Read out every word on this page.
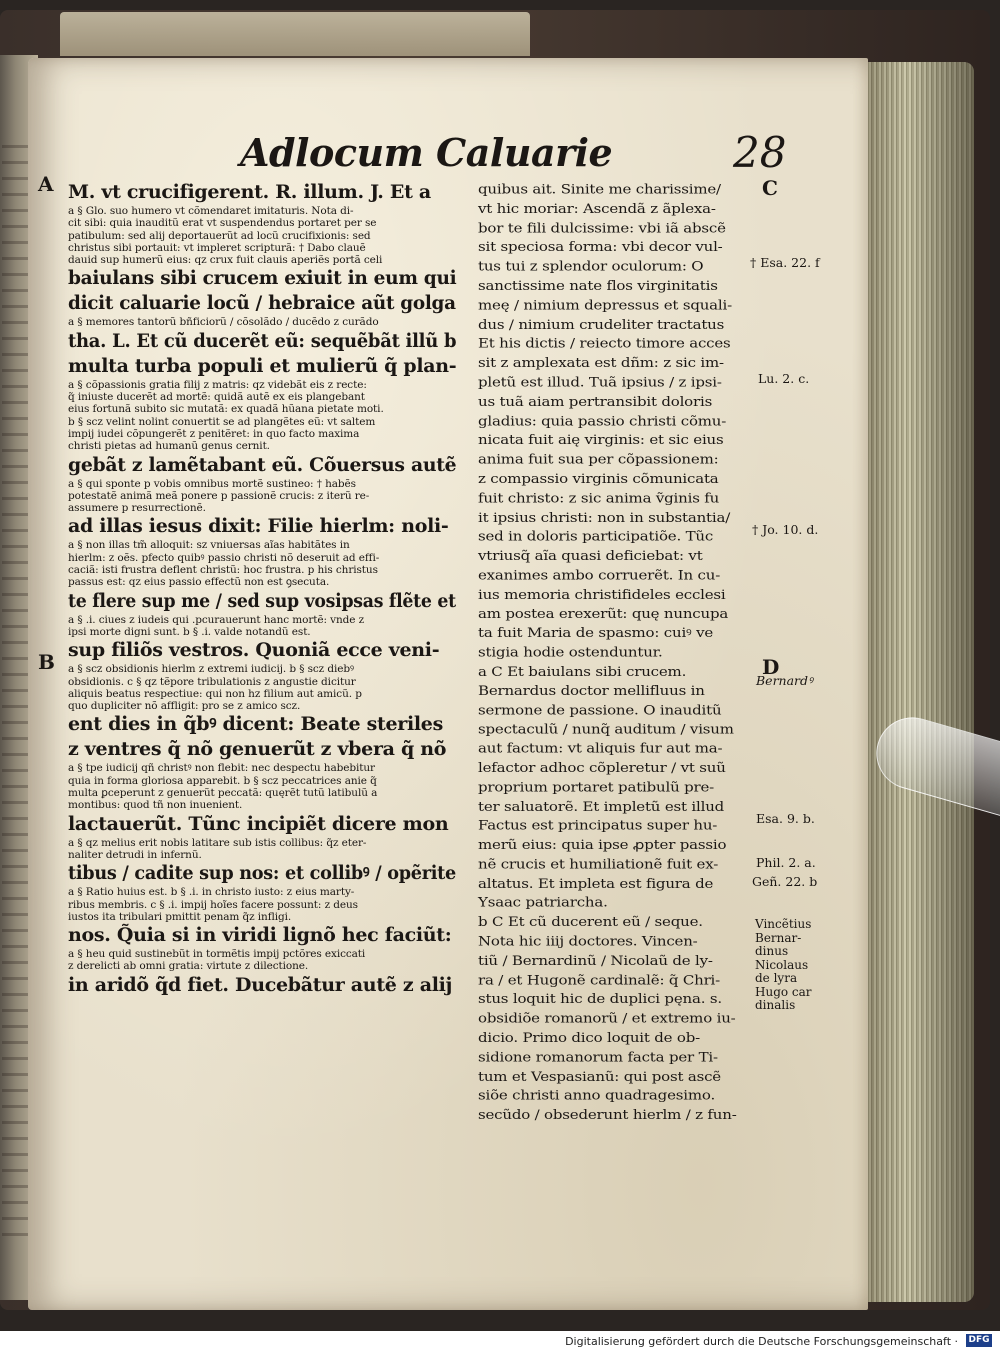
Adlocum Caluarie	28
A
B
M. vt crucifigerent. R. illum. J. Et a
a § Glo. suo humero vt cõmendaret imitaturis. Nota di-
cit sibi: quia inauditũ erat vt suspendendus portaret per se
patibulum: sed alij deportauerũt ad locũ crucifixionis: sed
christus sibi portauit: vt impleret scripturã: † Dabo clauẽ
dauid sup humerũ eius: qz crux fuit clauis aperiẽs portã celi
baiulans sibi crucem exiuit in eum qui
dicit caluarie locũ / hebraice aũt golga
a § memores tantorũ bñficiorũ / cõsolãdo / ducẽdo z curãdo
tha. L. Et cũ ducerẽt eũ: sequẽbãt illũ b
multa turba populi et mulierũ q̃ plan-
a § cõpassionis gratia filij z matris: qz videbãt eis z recte:
q̃ iniuste ducerẽt ad mortẽ: quidã autẽ ex eis plangebant
eius fortunã subito sic mutatã: ex quadã hũana pietate moti.
b § scz velint nolint conuertit se ad plangẽtes eũ: vt saltem
impij iudei cõpungerẽt z penitẽret: in quo facto maxima
christi pietas ad humanũ genus cernit.
gebãt z lamẽtabant eũ. Cõuersus autẽ
a § qui sponte p vobis omnibus mortẽ sustineo: † habẽs
potestatẽ animã meã ponere p passionẽ crucis: z iterũ re-
assumere p resurrectionẽ.
ad illas iesus dixit: Filie hierlm: noli-
a § non illas tm̃ alloquit: sz vniuersas aĩas habitãtes in
hierlm: z oẽs. pfecto quibꝰ passio christi nõ deseruit ad effi-
caciã: isti frustra deflent christũ: hoc frustra. p his christus
passus est: qz eius passio effectũ non est ꝯsecuta.
te flere sup me / sed sup vosipsas flẽte et
a § .i. ciues z iudeis qui .pcurauerunt hanc mortẽ: vnde z
ipsi morte digni sunt. b § .i. valde notandũ est.
sup filiõs vestros. Quoniã ecce veni-
a § scz obsidionis hierlm z extremi iudicij. b § scz diebꝰ
obsidionis. c § qz tẽpore tribulationis z angustie dicitur
aliquis beatus respectiue: qui non hz filium aut amicũ. p
quo dupliciter nõ affligit: pro se z amico scz.
ent dies in q̃bꝰ dicent: Beate steriles
z ventres q̃ nõ genuerũt z vbera q̃ nõ
a § tpe iudicij qñ christꝰ non flebit: nec despectu habebitur
quia in forma gloriosa apparebit. b § scz peccatrices anie q̃
multa ꝑceperunt z genuerũt peccatã: quęrẽt tutũ latibulũ a
montibus: quod tñ non inuenient.
lactauerũt. Tũnc incipiẽt dicere mon
a § qz melius erit nobis latitare sub istis collibus: q̃z eter-
naliter detrudi in infernũ.
tibus / cadite sup nos: et collibꝰ / opẽrite
a § Ratio huius est. b § .i. in christo iusto: z eius marty-
ribus membris. c § .i. impij hoĩes facere possunt: z deus
iustos ita tribulari pmittit penam q̃z infligi.
nos. Q̃uia si in viridi lignõ hec faciũt:
a § heu quid sustinebũt in tormẽtis impij pctõres exiccati
z derelicti ab omni gratia: virtute z dilectione.
in aridõ q̃d fiet. Ducebãtur autẽ z alij
quibus ait. Sinite me charissime/
vt hic moriar: Ascendã z ãplexa-
bor te fili dulcissime: vbi iã abscẽ
sit speciosa forma: vbi decor vul-
tus tui z splendor oculorum: O
sanctissime nate flos virginitatis
meę / nimium depressus et squali-
dus / nimium crudeliter tractatus
Et his dictis / reiecto timore acces
sit z amplexata est dñm: z sic im-
pletũ est illud. Tuã ipsius / z ipsi-
us tuã aiam pertransibit doloris
gladius: quia passio christi cõmu-
nicata fuit aię virginis: et sic eius
anima fuit sua per cõpassionem:
z compassio virginis cõmunicata
fuit christo: z sic anima ṽginis fu
it ipsius christi: non in substantia/
sed in doloris participatiõe. Tũc
vtriusq̃ aĩa quasi deficiebat: vt
exanimes ambo corruerẽt. In cu-
ius memoria christifideles ecclesi
am postea erexerũt: quę nuncupa
ta fuit Maria de spasmo: cuiꝰ ve
stigia hodie ostenduntur.
a C Et baiulans sibi crucem.
Bernardus doctor mellifluus in
sermone de passione. O inauditũ
spectaculũ / nunq̃ auditum / visum
aut factum: vt aliquis fur aut ma-
lefactor adhoc cõpleretur / vt suũ
proprium portaret patibulũ pre-
ter saluatorẽ. Et impletũ est illud
Factus est principatus super hu-
merũ eius: quia ipse ꝓpter passio
nẽ crucis et humiliationẽ fuit ex-
altatus. Et impleta est figura de
Ysaac patriarcha.
b C Et cũ ducerent eũ / seque.
Nota hic iiij doctores. Vincen-
tiũ / Bernardinũ / Nicolaũ de ly-
ra / et Hugonẽ cardinalẽ: q̃ Chri-
stus loquit hic de duplici pęna. s.
obsidiõe romanorũ / et extremo iu-
dicio. Primo dico loquit de ob-
sidione romanorum facta per Ti-
tum et Vespasianũ: qui post ascẽ
siõe christi anno quadragesimo.
secũdo / obsederunt hierlm / z fun-
C
† Esa. 22. f
Lu. 2. c.
† Jo. 10. d.
D
Bernardꝰ
Esa. 9. b.
Phil. 2. a.
Geñ. 22. b
Vincẽtius
Bernar-
dinus
Nicolaus
de lyra
Hugo car
dinalis
Digitalisierung gefördert durch die Deutsche Forschungsgemeinschaft · DFG
